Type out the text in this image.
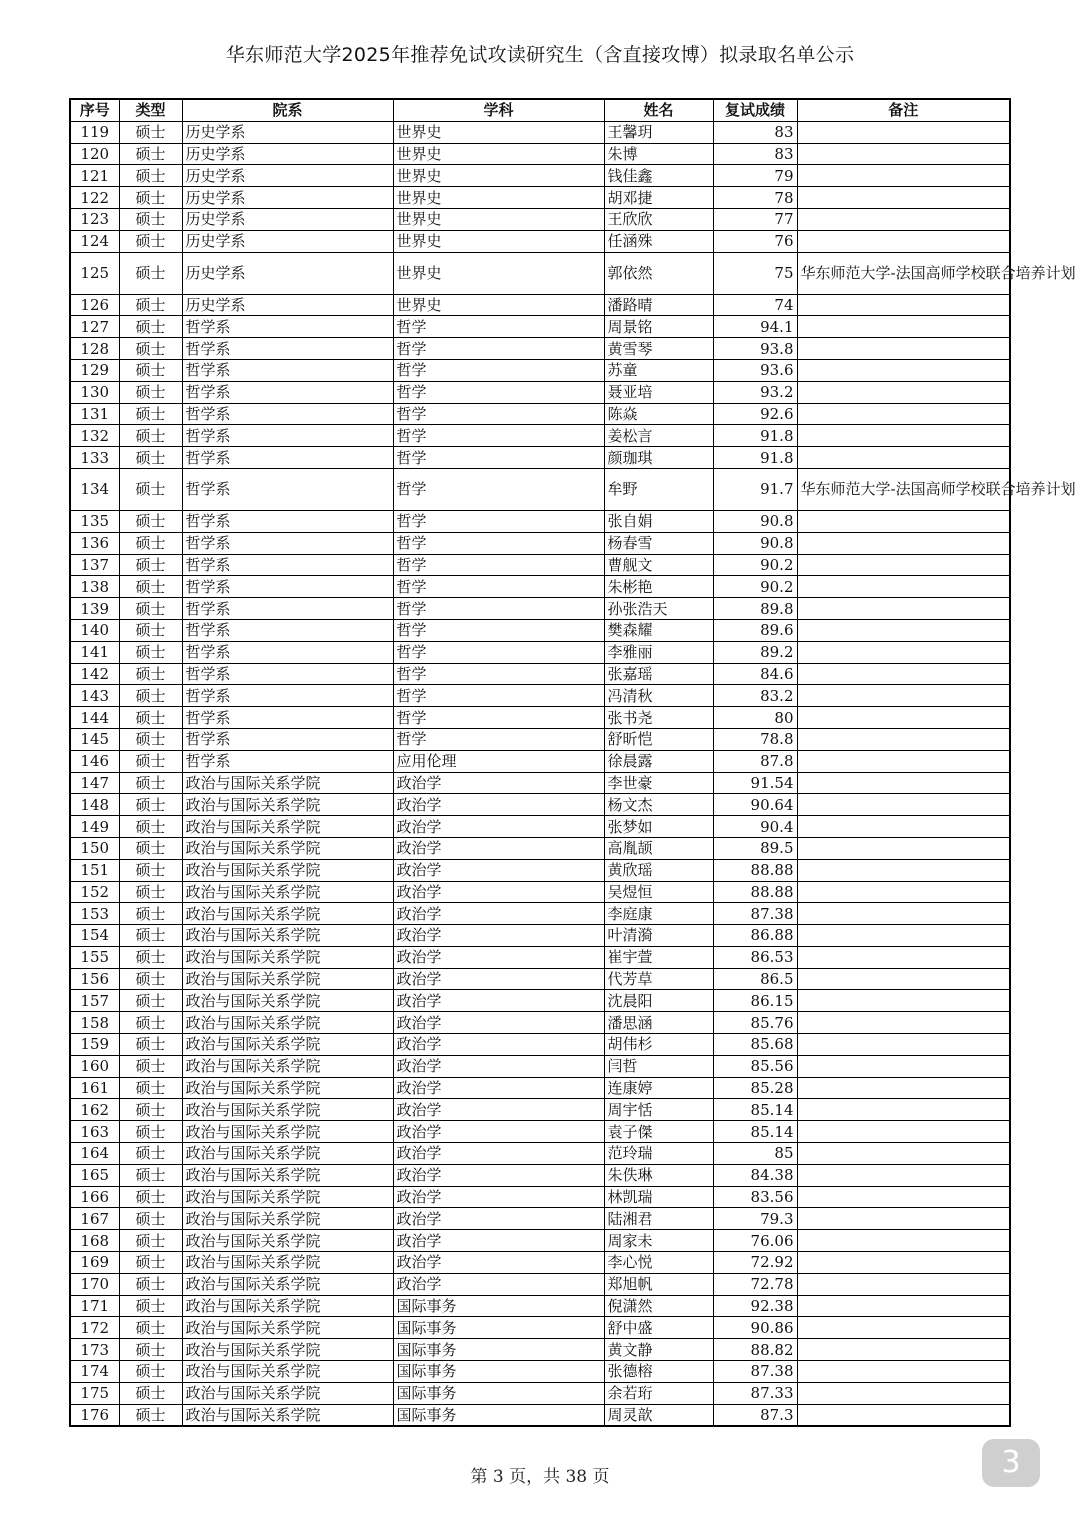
华东师范大学2025年推荐免试攻读研究生（含直接攻博）拟录取名单公示
序号	类型	院系	学科	姓名	复试成绩	备注
119	硕士	历史学系	世界史	王馨玥	83	
120	硕士	历史学系	世界史	朱博	83	
121	硕士	历史学系	世界史	钱佳鑫	79	
122	硕士	历史学系	世界史	胡邓捷	78	
123	硕士	历史学系	世界史	王欣欣	77	
124	硕士	历史学系	世界史	任涵殊	76	
125	硕士	历史学系	世界史	郭依然	75	华东师范大学-法国高师学校联合培养计划
126	硕士	历史学系	世界史	潘路晴	74	
127	硕士	哲学系	哲学	周景铭	94.1	
128	硕士	哲学系	哲学	黄雪琴	93.8	
129	硕士	哲学系	哲学	苏童	93.6	
130	硕士	哲学系	哲学	聂亚培	93.2	
131	硕士	哲学系	哲学	陈焱	92.6	
132	硕士	哲学系	哲学	姜松言	91.8	
133	硕士	哲学系	哲学	颜珈琪	91.8	
134	硕士	哲学系	哲学	牟野	91.7	华东师范大学-法国高师学校联合培养计划
135	硕士	哲学系	哲学	张自娟	90.8	
136	硕士	哲学系	哲学	杨春雪	90.8	
137	硕士	哲学系	哲学	曹舰文	90.2	
138	硕士	哲学系	哲学	朱彬艳	90.2	
139	硕士	哲学系	哲学	孙张浩天	89.8	
140	硕士	哲学系	哲学	樊森耀	89.6	
141	硕士	哲学系	哲学	李雅丽	89.2	
142	硕士	哲学系	哲学	张嘉瑶	84.6	
143	硕士	哲学系	哲学	冯清秋	83.2	
144	硕士	哲学系	哲学	张书尧	80	
145	硕士	哲学系	哲学	舒昕恺	78.8	
146	硕士	哲学系	应用伦理	徐晨露	87.8	
147	硕士	政治与国际关系学院	政治学	李世豪	91.54	
148	硕士	政治与国际关系学院	政治学	杨文杰	90.64	
149	硕士	政治与国际关系学院	政治学	张梦如	90.4	
150	硕士	政治与国际关系学院	政治学	高胤颉	89.5	
151	硕士	政治与国际关系学院	政治学	黄欣瑶	88.88	
152	硕士	政治与国际关系学院	政治学	吴煜恒	88.88	
153	硕士	政治与国际关系学院	政治学	李庭康	87.38	
154	硕士	政治与国际关系学院	政治学	叶清漪	86.88	
155	硕士	政治与国际关系学院	政治学	崔宇萱	86.53	
156	硕士	政治与国际关系学院	政治学	代芳草	86.5	
157	硕士	政治与国际关系学院	政治学	沈晨阳	86.15	
158	硕士	政治与国际关系学院	政治学	潘思涵	85.76	
159	硕士	政治与国际关系学院	政治学	胡伟杉	85.68	
160	硕士	政治与国际关系学院	政治学	闫哲	85.56	
161	硕士	政治与国际关系学院	政治学	连康婷	85.28	
162	硕士	政治与国际关系学院	政治学	周宇恬	85.14	
163	硕士	政治与国际关系学院	政治学	袁子傑	85.14	
164	硕士	政治与国际关系学院	政治学	范玲瑞	85	
165	硕士	政治与国际关系学院	政治学	朱佚琳	84.38	
166	硕士	政治与国际关系学院	政治学	林凯瑞	83.56	
167	硕士	政治与国际关系学院	政治学	陆湘君	79.3	
168	硕士	政治与国际关系学院	政治学	周家未	76.06	
169	硕士	政治与国际关系学院	政治学	李心悦	72.92	
170	硕士	政治与国际关系学院	政治学	郑旭帆	72.78	
171	硕士	政治与国际关系学院	国际事务	倪潇然	92.38	
172	硕士	政治与国际关系学院	国际事务	舒中盛	90.86	
173	硕士	政治与国际关系学院	国际事务	黄文静	88.82	
174	硕士	政治与国际关系学院	国际事务	张德榕	87.38	
175	硕士	政治与国际关系学院	国际事务	余若珩	87.33	
176	硕士	政治与国际关系学院	国际事务	周灵歆	87.3	
第 3 页，共 38 页	3
